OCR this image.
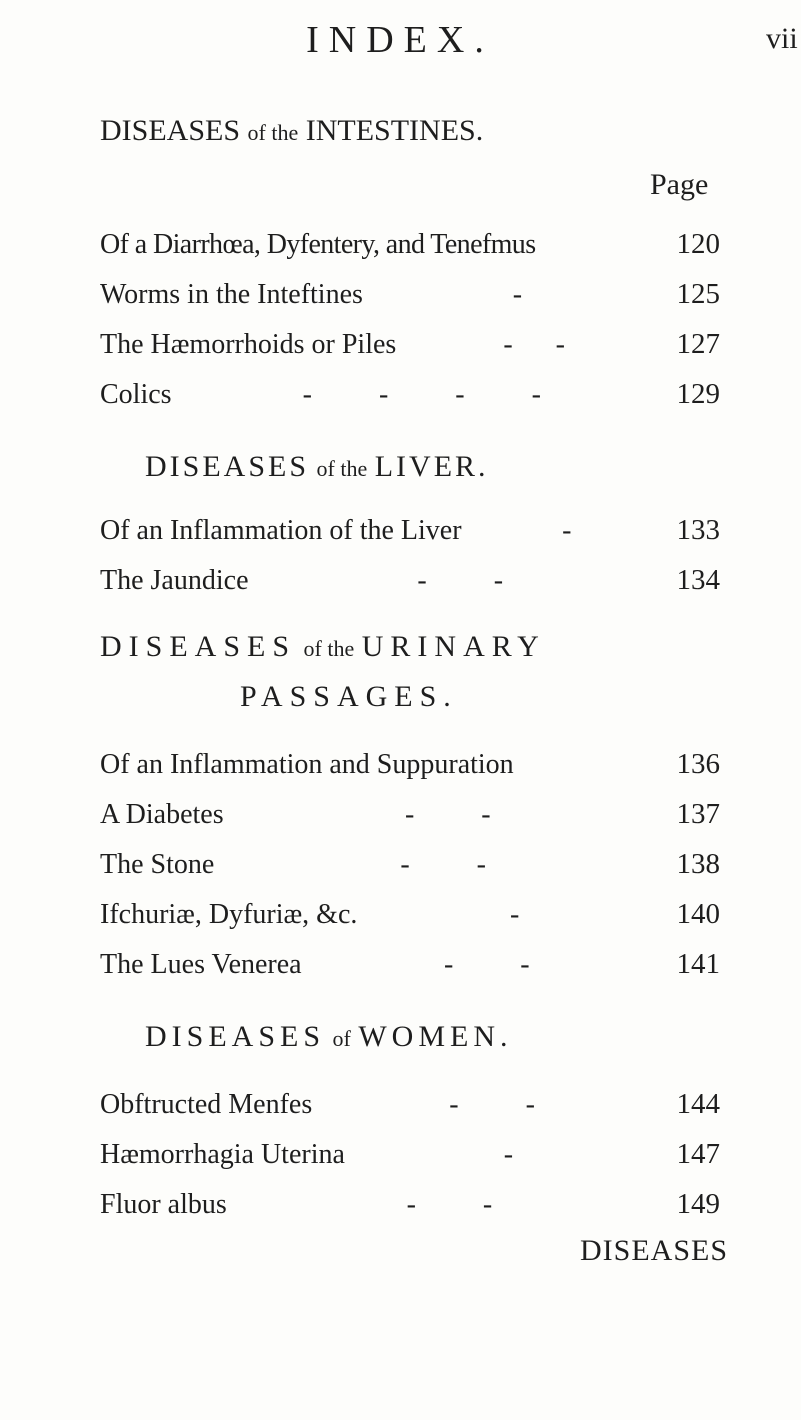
INDEX.	vii
DISEASES of the INTESTINES.
Page
Of a Diarrhœa, Dyfentery, and Tenefmus	120
Worms in the Inteftines	-	125
The Hæmorrhoids or Piles	- -	127
Colics	- - - -	129
DISEASES of the LIVER.
Of an Inflammation of the Liver	-	133
The Jaundice	- -	134
DISEASES of the URINARY
PASSAGES.
Of an Inflammation and Suppuration	136
A Diabetes	- -	137
The Stone	- -	138
Ifchuriæ, Dyfuriæ, &c.	-	140
The Lues Venerea	- -	141
DISEASES of WOMEN.
Obftructed Menfes	- -	144
Hæmorrhagia Uterina	-	147
Fluor albus	- -	149
DISEASES
